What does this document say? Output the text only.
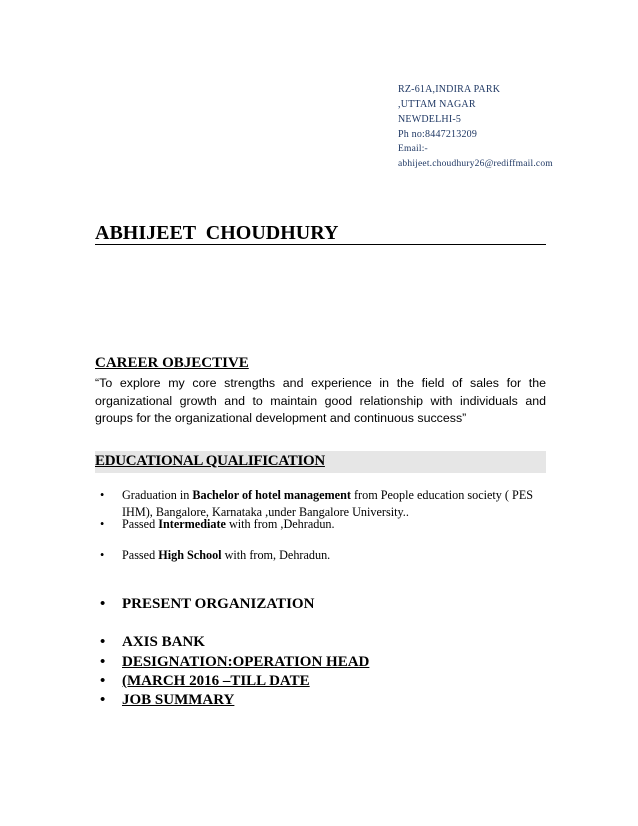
RZ-61A,INDIRA PARK
,UTTAM NAGAR
NEWDELHI-5
Ph no:8447213209
Email:-
abhijeet.choudhury26@rediffmail.com
ABHIJEET  CHOUDHURY
CAREER OBJECTIVE
“To explore my core strengths and experience in the field of sales for the organizational growth and to maintain good relationship with individuals and groups for the organizational development and continuous success”
EDUCATIONAL QUALIFICATION
•	Graduation in Bachelor of hotel management from People education society ( PES IHM), Bangalore, Karnataka ,under Bangalore University..
•	Passed Intermediate with from ,Dehradun.
•	Passed High School with from, Dehradun.
• PRESENT ORGANIZATION
• AXIS BANK
• DESIGNATION:OPERATION HEAD
• (MARCH 2016 –TILL DATE
• JOB SUMMARY
